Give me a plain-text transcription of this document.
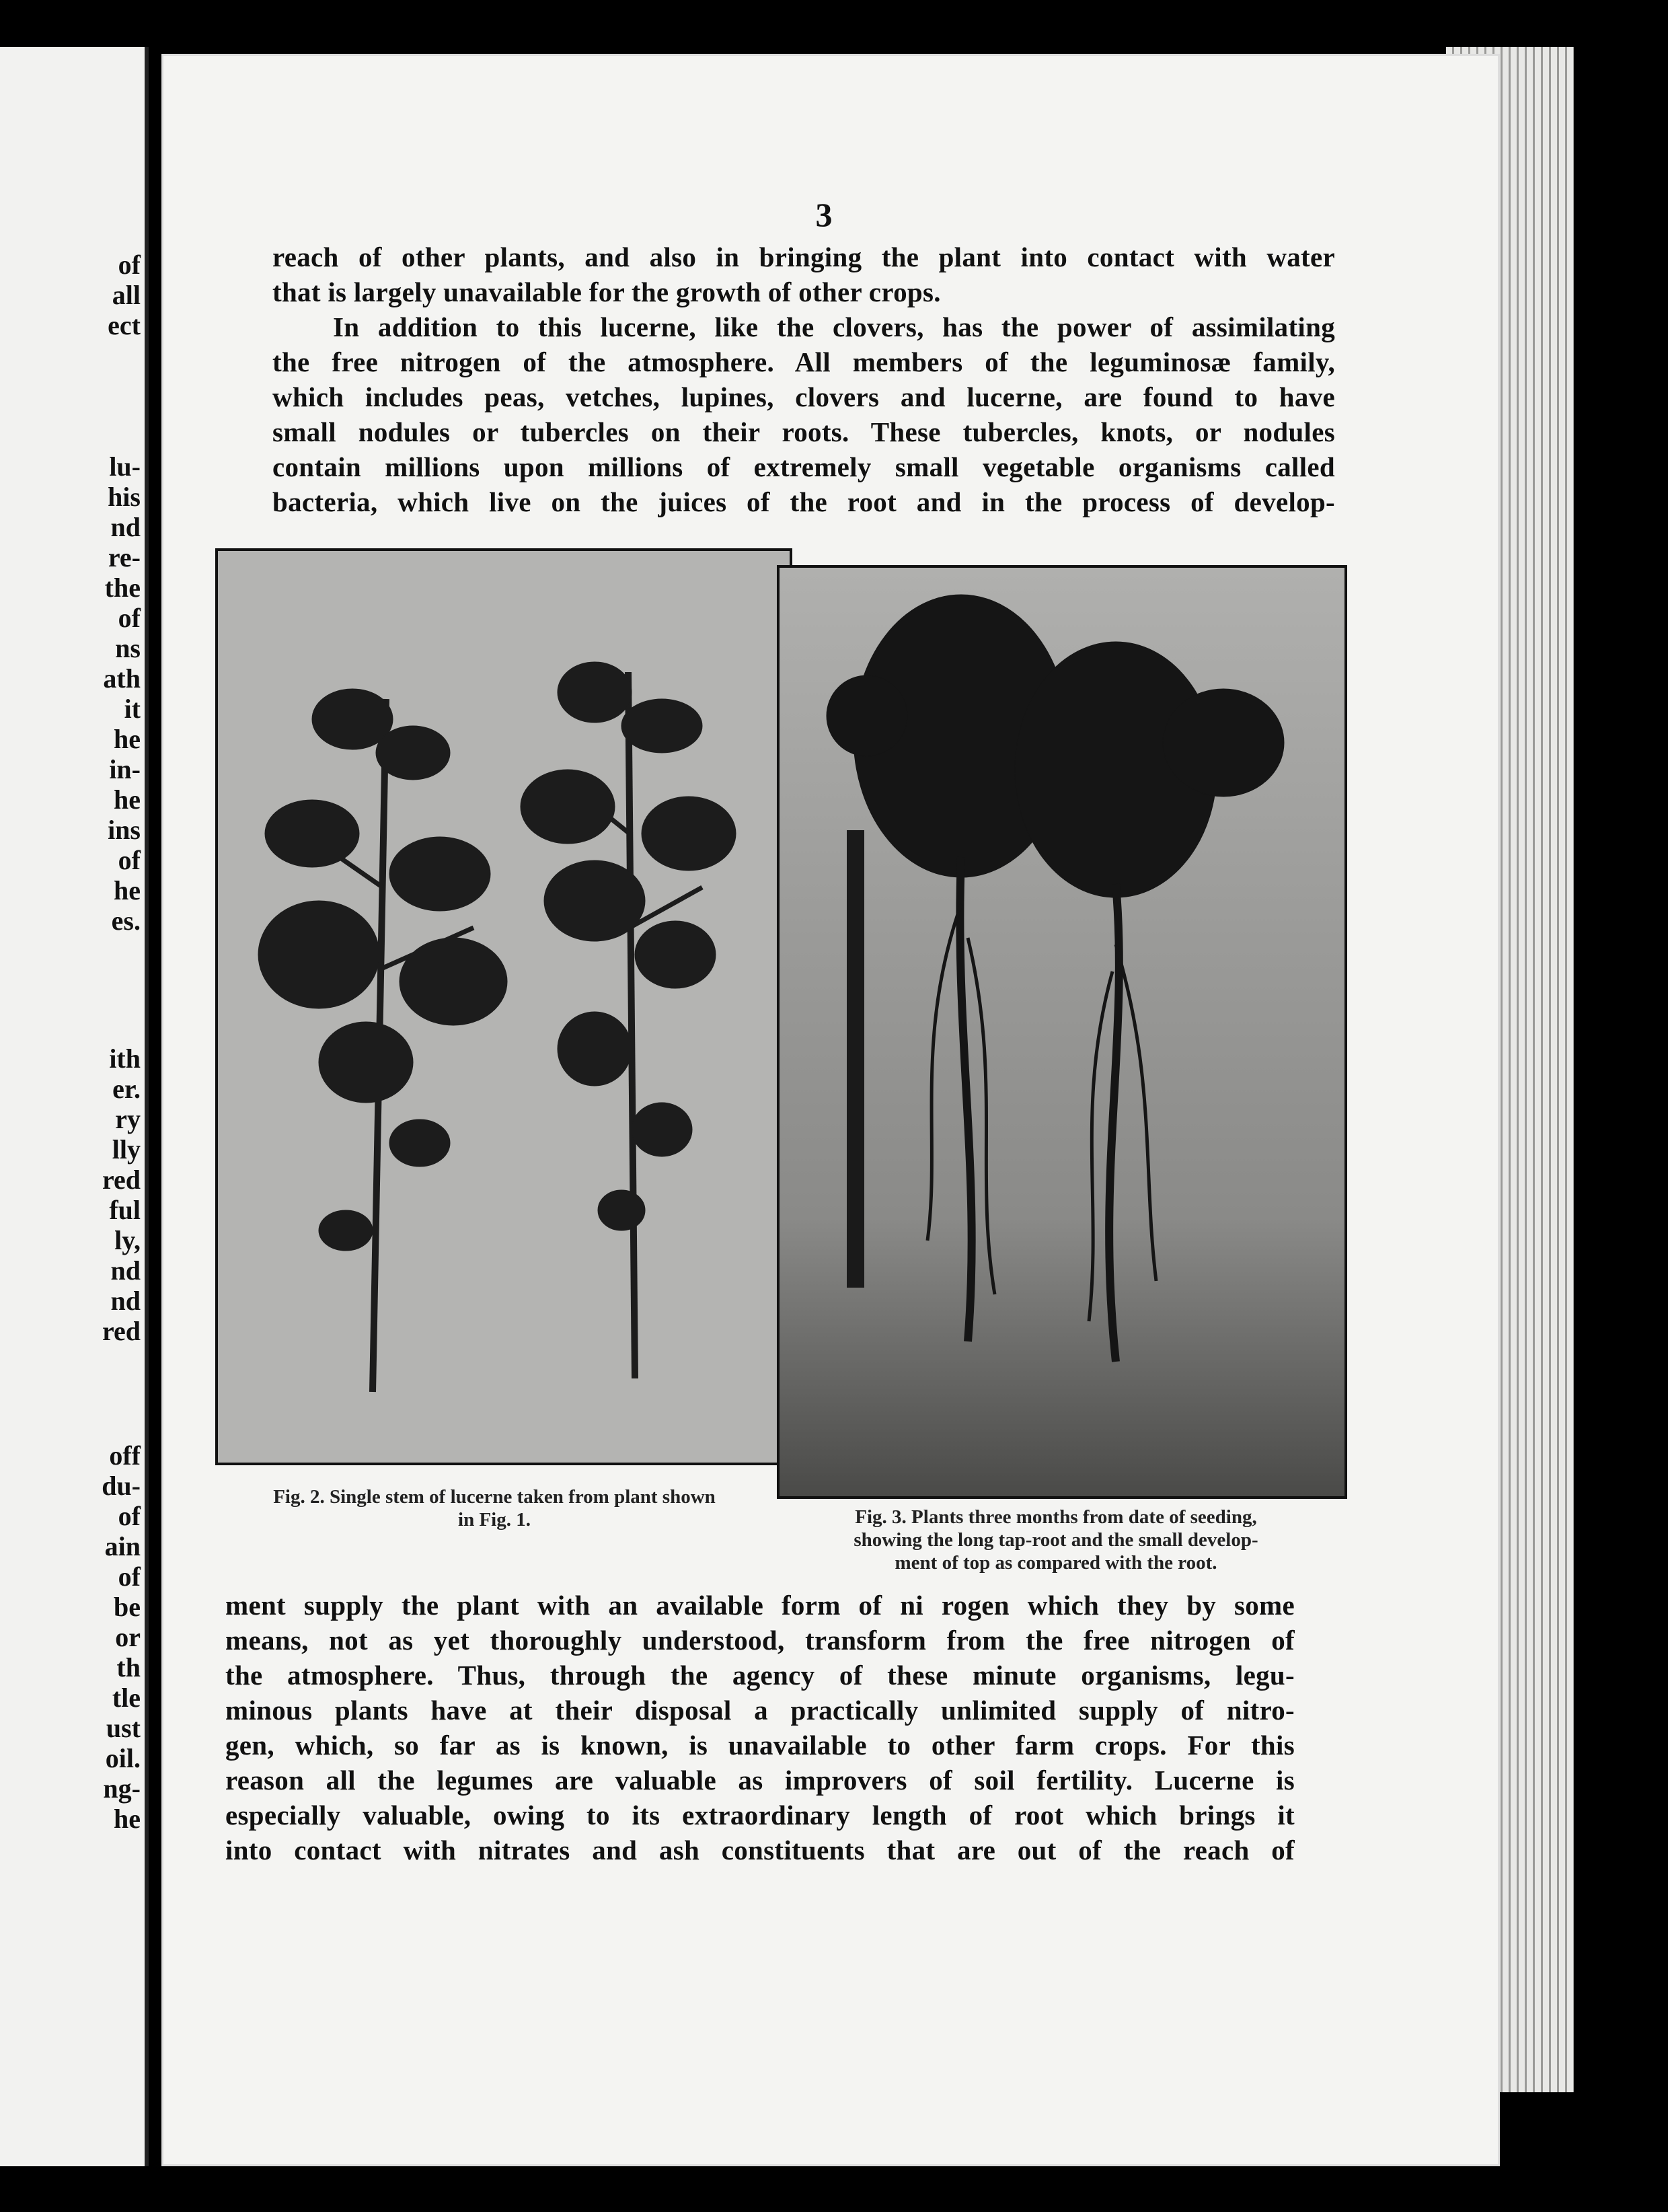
of
all
ect
lu-
his
nd
re-
the
of
ns
ath
it
he
in-
he
ins
of
he
es.
ith
er.
ry
lly
red
ful
ly,
nd
nd
red
off
du-
of
ain
of
be
or
th
tle
ust
oil.
ng-
he
3
reach of other plants, and also in bringing the plant into contact with water
that is largely unavailable for the growth of other crops.
In addition to this lucerne, like the clovers, has the power of assimilating
the free nitrogen of the atmosphere. All members of the leguminosæ family,
which includes peas, vetches, lupines, clovers and lucerne, are found to have
small nodules or tubercles on their roots. These tubercles, knots, or nodules
contain millions upon millions of extremely small vegetable organisms called
bacteria, which live on the juices of the root and in the process of develop-
Fig. 2. Single stem of lucerne taken from plant shown
in Fig. 1.	Fig. 3. Plants three months from date of seeding,
showing the long tap-root and the small develop-
ment of top as compared with the root.
ment supply the plant with an available form of ni rogen which they by some
means, not as yet thoroughly understood, transform from the free nitrogen of
the atmosphere. Thus, through the agency of these minute organisms, legu-
minous plants have at their disposal a practically unlimited supply of nitro-
gen, which, so far as is known, is unavailable to other farm crops. For this
reason all the legumes are valuable as improvers of soil fertility. Lucerne is
especially valuable, owing to its extraordinary length of root which brings it
into contact with nitrates and ash constituents that are out of the reach of
